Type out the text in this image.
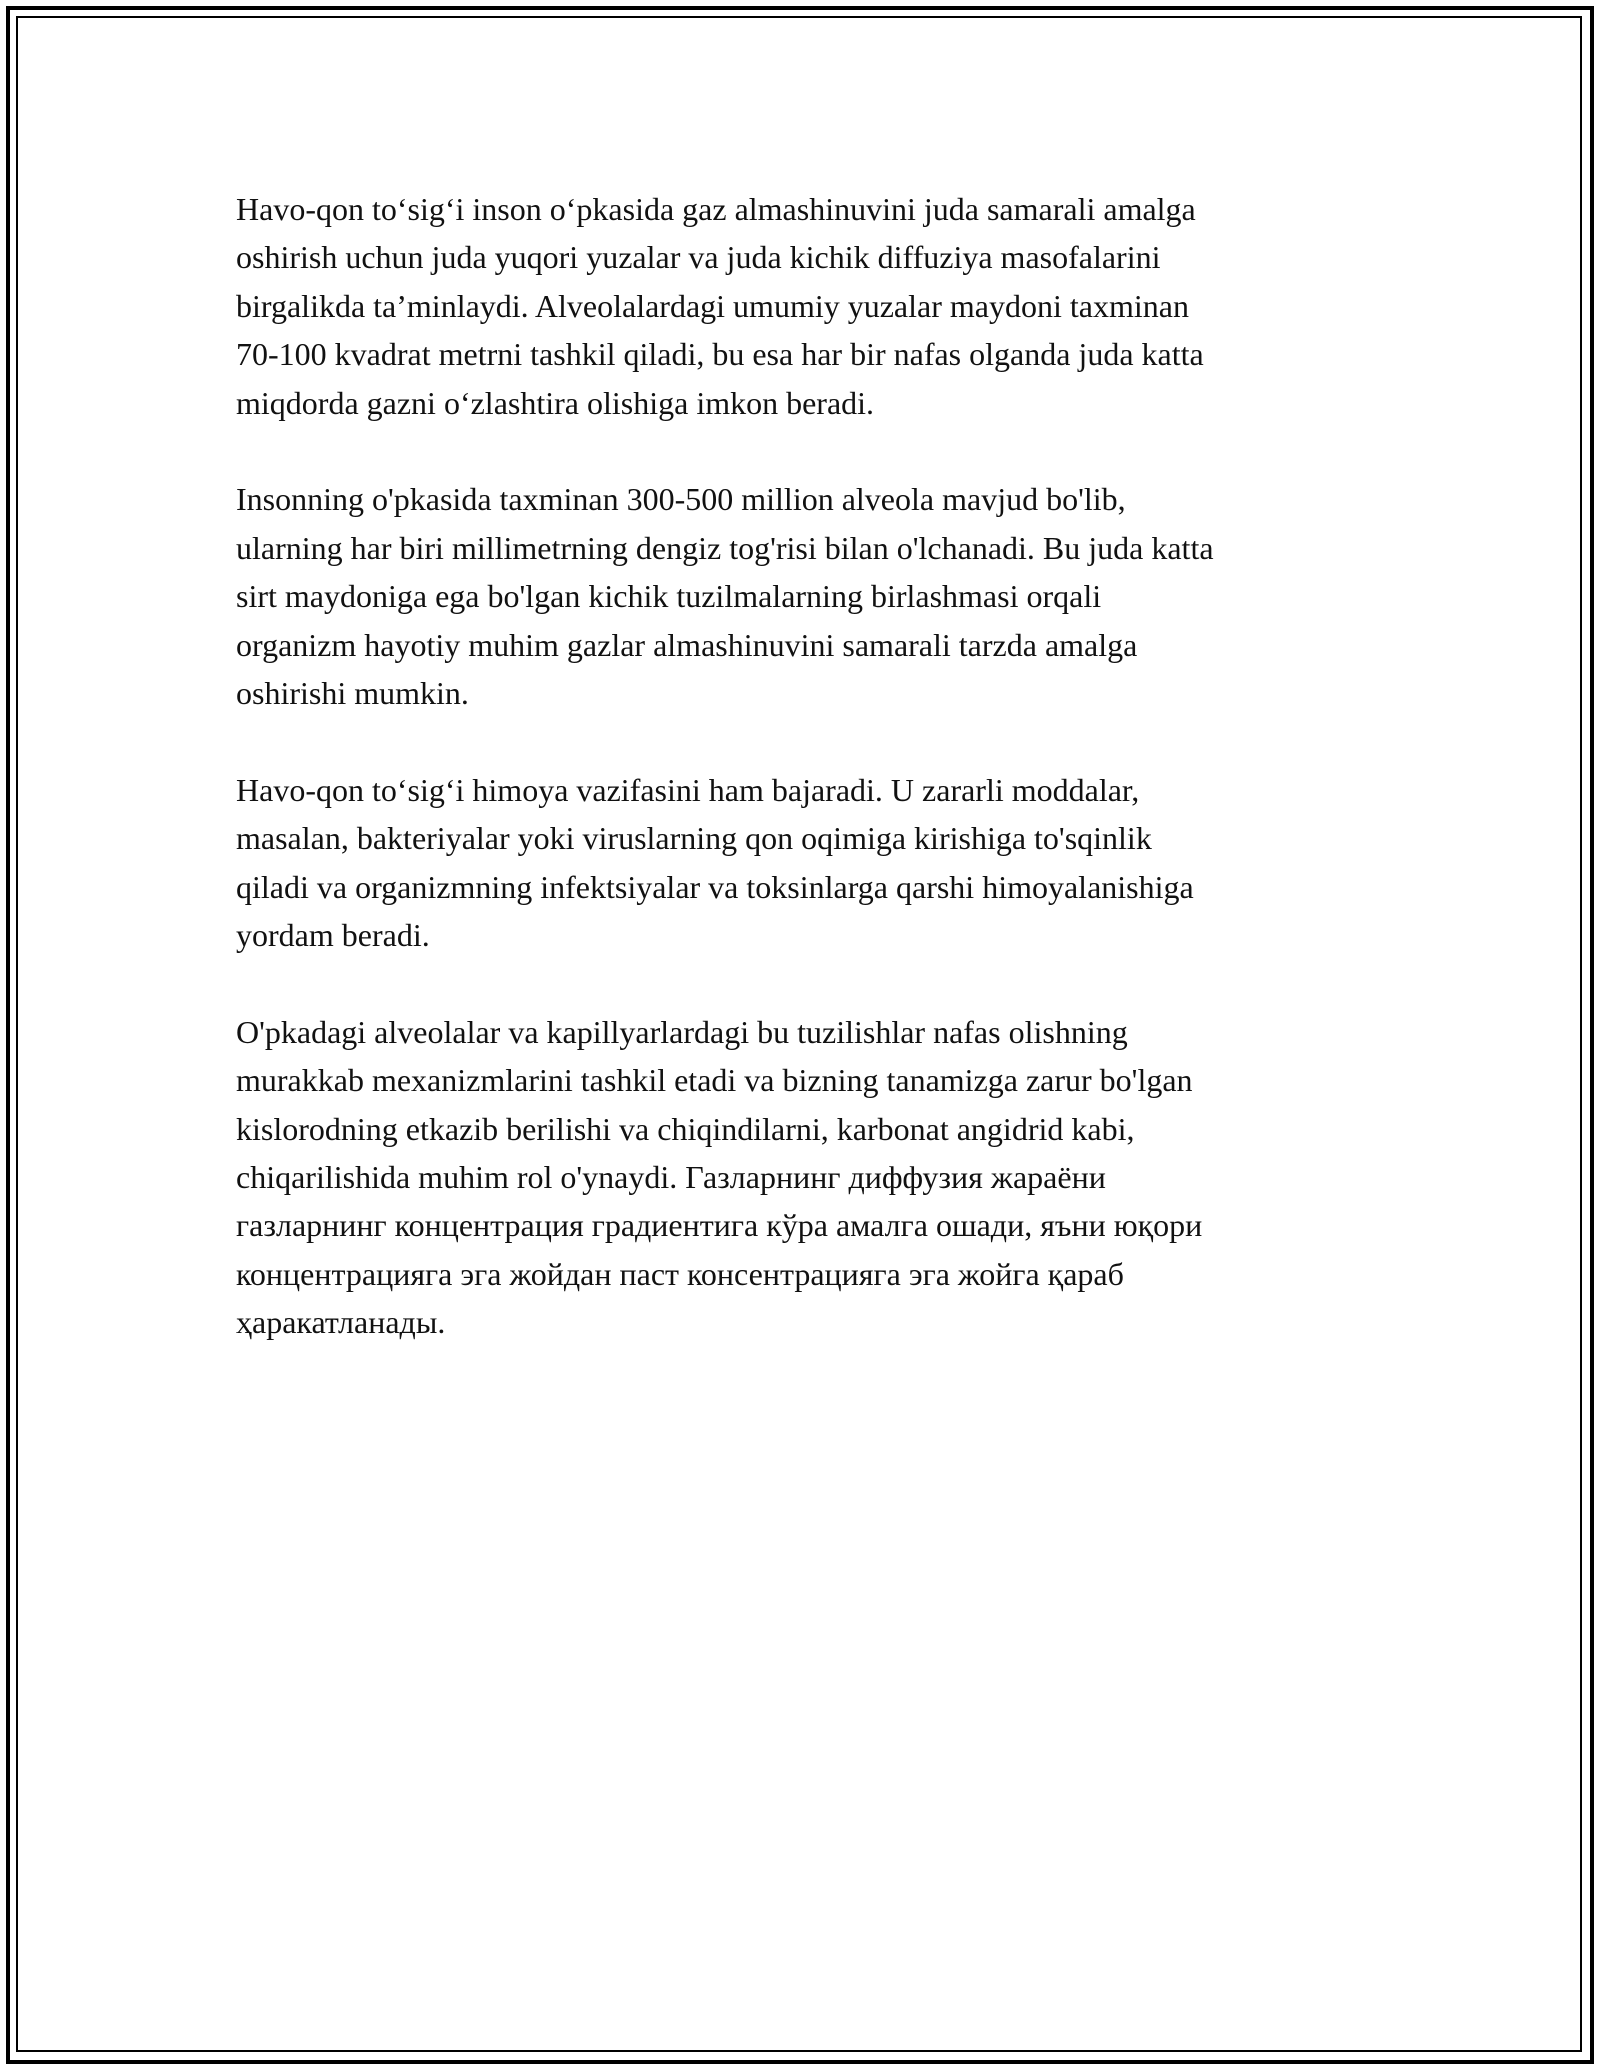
Havo-qon to‘sig‘i inson o‘pkasida gaz almashinuvini juda samarali amalga
oshirish uchun juda yuqori yuzalar va juda kichik diffuziya masofalarini
birgalikda ta’minlaydi. Alveolalardagi umumiy yuzalar maydoni taxminan
70-100 kvadrat metrni tashkil qiladi, bu esa har bir nafas olganda juda katta
miqdorda gazni o‘zlashtira olishiga imkon beradi.

Insonning o'pkasida taxminan 300-500 million alveola mavjud bo'lib,
ularning har biri millimetrning dengiz tog'risi bilan o'lchanadi. Bu juda katta
sirt maydoniga ega bo'lgan kichik tuzilmalarning birlashmasi orqali
organizm hayotiy muhim gazlar almashinuvini samarali tarzda amalga
oshirishi mumkin.

Havo-qon to‘sig‘i himoya vazifasini ham bajaradi. U zararli moddalar,
masalan, bakteriyalar yoki viruslarning qon oqimiga kirishiga to'sqinlik
qiladi va organizmning infektsiyalar va toksinlarga qarshi himoyalanishiga
yordam beradi.

O'pkadagi alveolalar va kapillyarlardagi bu tuzilishlar nafas olishning
murakkab mexanizmlarini tashkil etadi va bizning tanamizga zarur bo'lgan
kislorodning etkazib berilishi va chiqindilarni, karbonat angidrid kabi,
chiqarilishida muhim rol o'ynaydi. Газларнинг диффузия жараёни
газларнинг концентрация градиентига кўра амалга ошади, яъни юқори
концентрацияга эга жойдан паст консентрацияга эга жойга қараб
ҳаракатланады.
